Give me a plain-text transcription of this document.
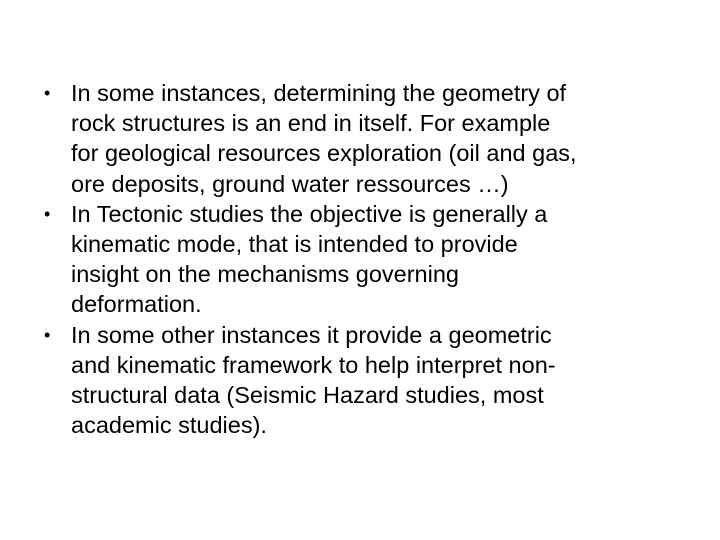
• In some instances, determining the geometry of
rock structures is an end in itself. For example
for geological resources exploration (oil and gas,
ore deposits, ground water ressources …)
• In Tectonic studies the objective is generally a
kinematic mode, that is intended to provide
insight on the mechanisms governing
deformation.
• In some other instances it provide a geometric
and kinematic framework to help interpret non-
structural data (Seismic Hazard studies, most
academic studies).
